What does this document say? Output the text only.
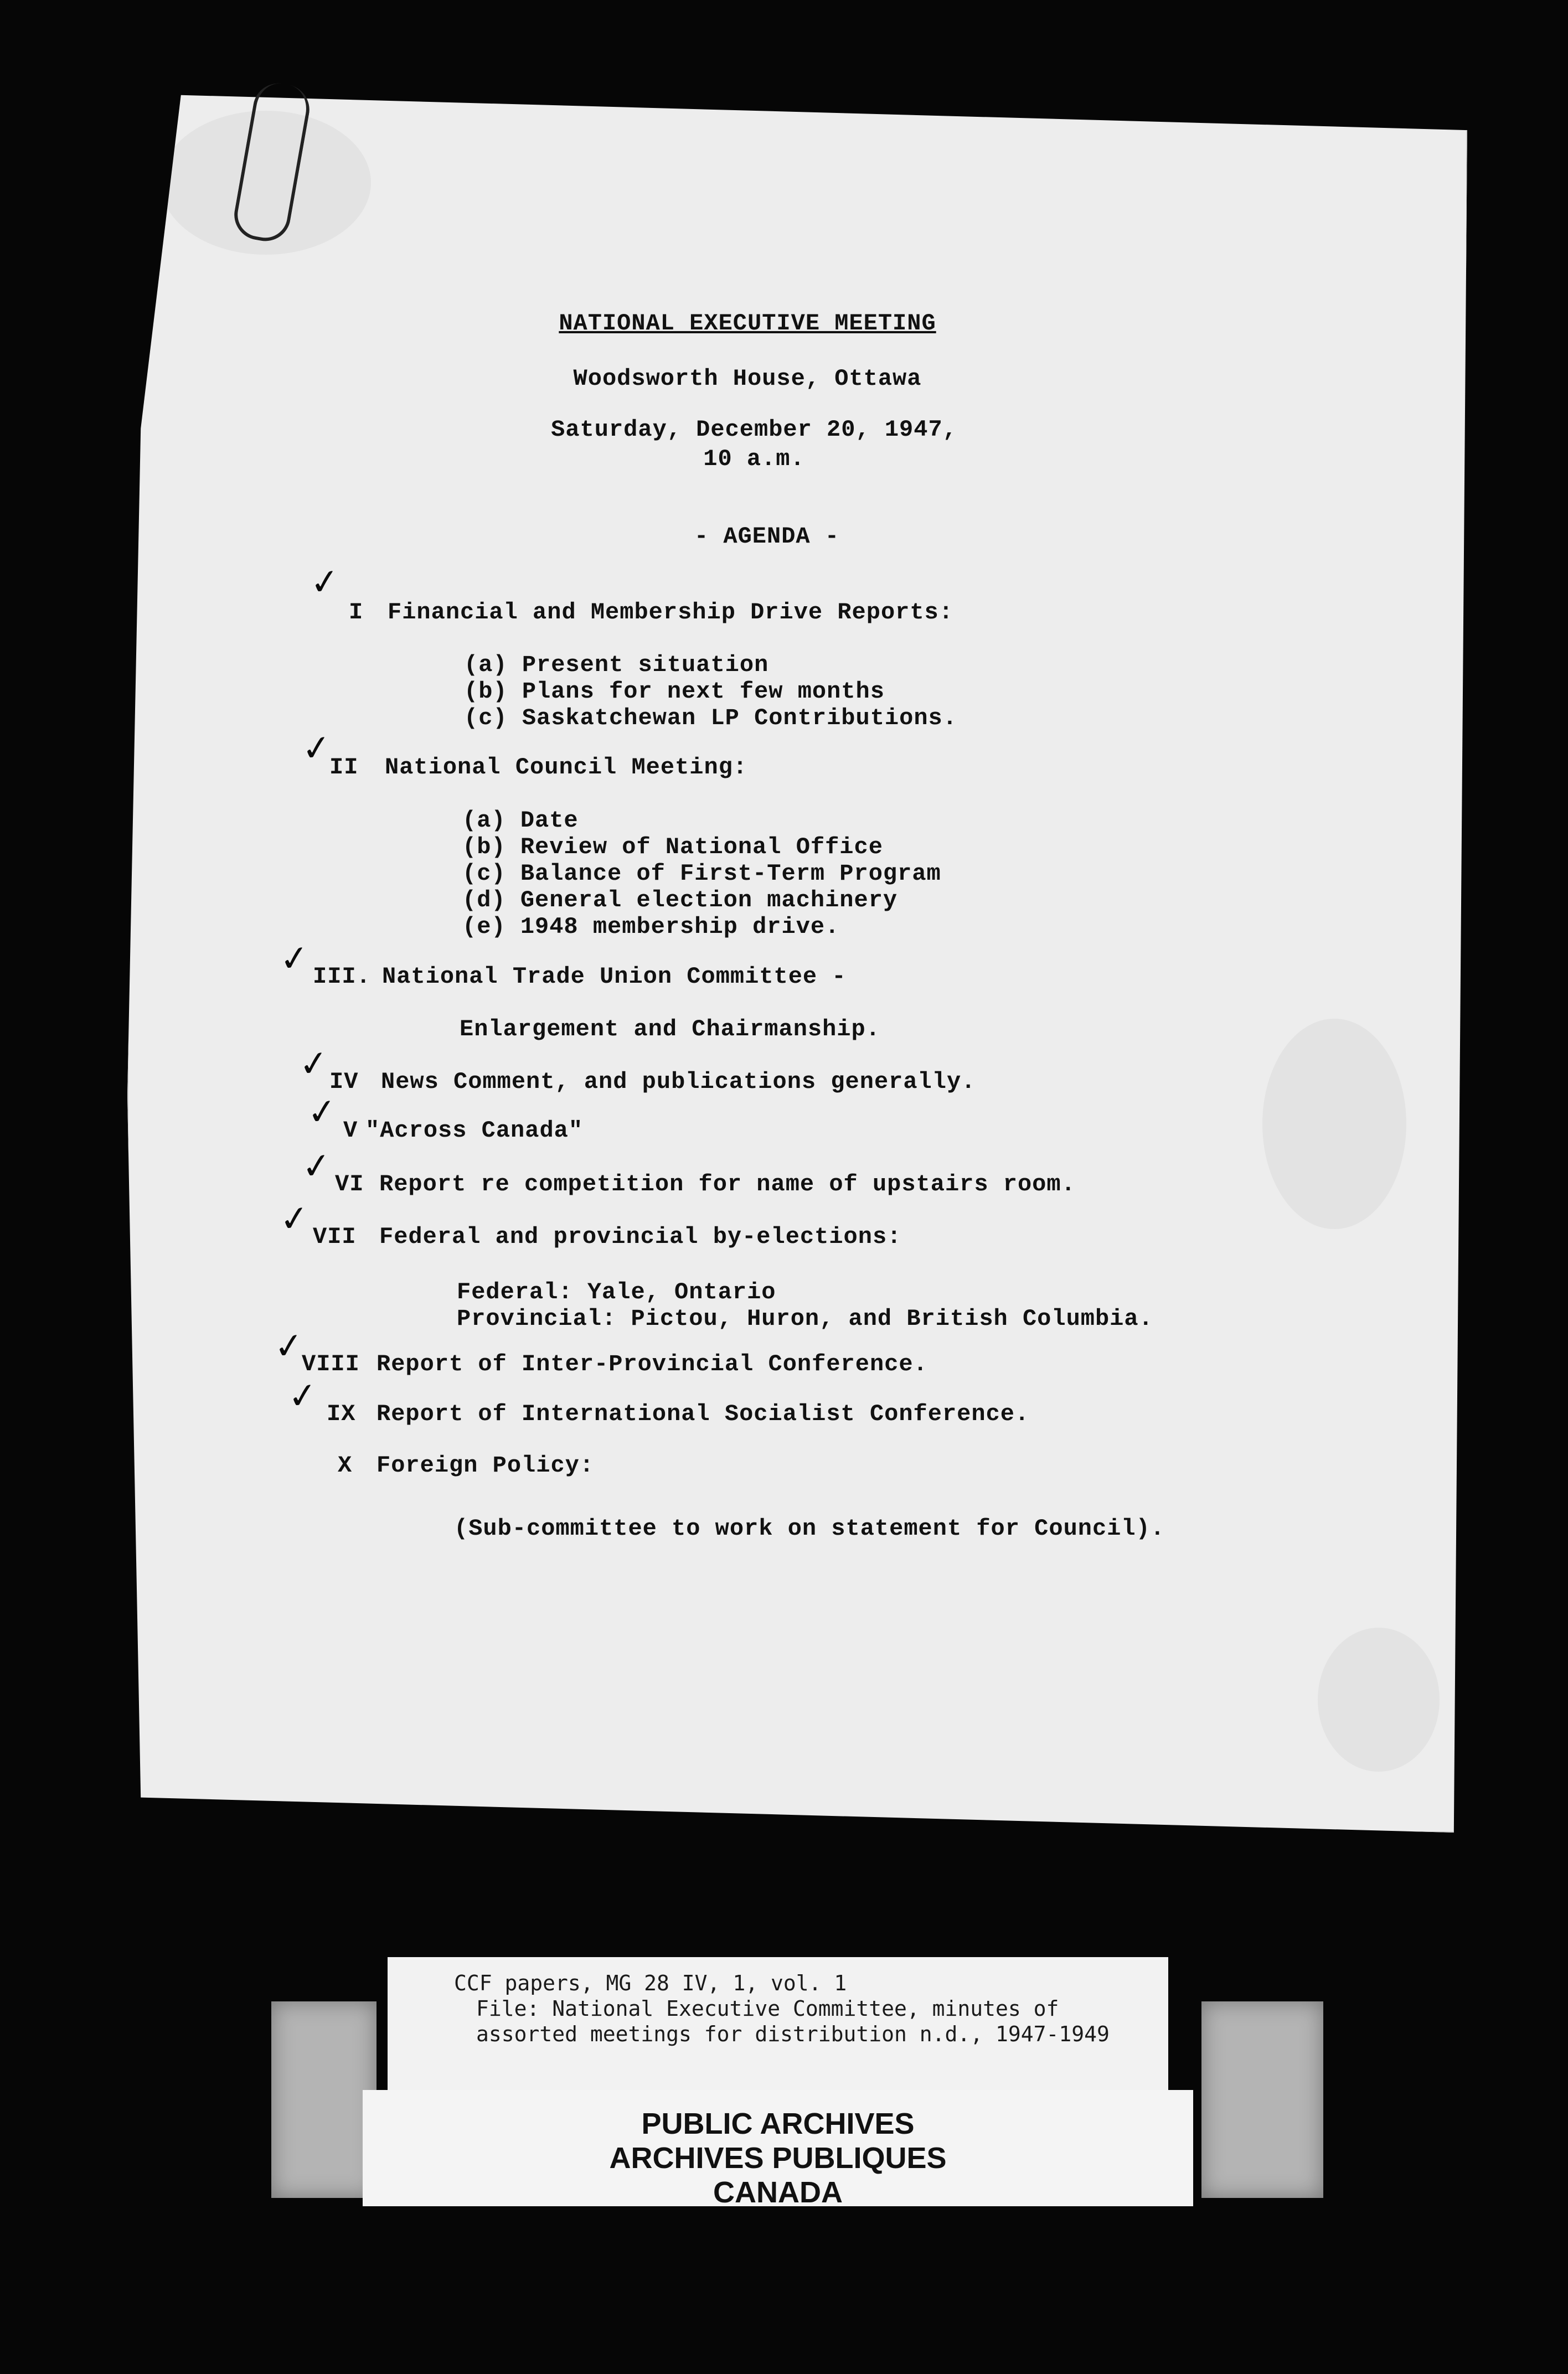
NATIONAL EXECUTIVE MEETING
Woodsworth House, Ottawa
Saturday, December 20, 1947,
10 a.m.
- AGENDA -
✓
I Financial and Membership Drive Reports:
(a) Present situation
(b) Plans for next few months
(c) Saskatchewan LP Contributions.
✓
II National Council Meeting:
(a) Date
(b) Review of National Office
(c) Balance of First-Term Program
(d) General election machinery
(e) 1948 membership drive.
✓ III. National Trade Union Committee -
Enlargement and Chairmanship.
✓
IV News Comment, and publications generally.
✓ V "Across Canada"
✓ VI Report re competition for name of upstairs room.
✓ VII Federal and provincial by-elections:
Federal: Yale, Ontario
Provincial: Pictou, Huron, and British Columbia.
✓
VIII Report of Inter-Provincial Conference.
✓ IX Report of International Socialist Conference.
X Foreign Policy:
(Sub-committee to work on statement for Council).
CCF papers, MG 28 IV, 1, vol. 1
File: National Executive Committee, minutes of
assorted meetings for distribution n.d., 1947-1949
PUBLIC ARCHIVES
ARCHIVES PUBLIQUES
CANADA
